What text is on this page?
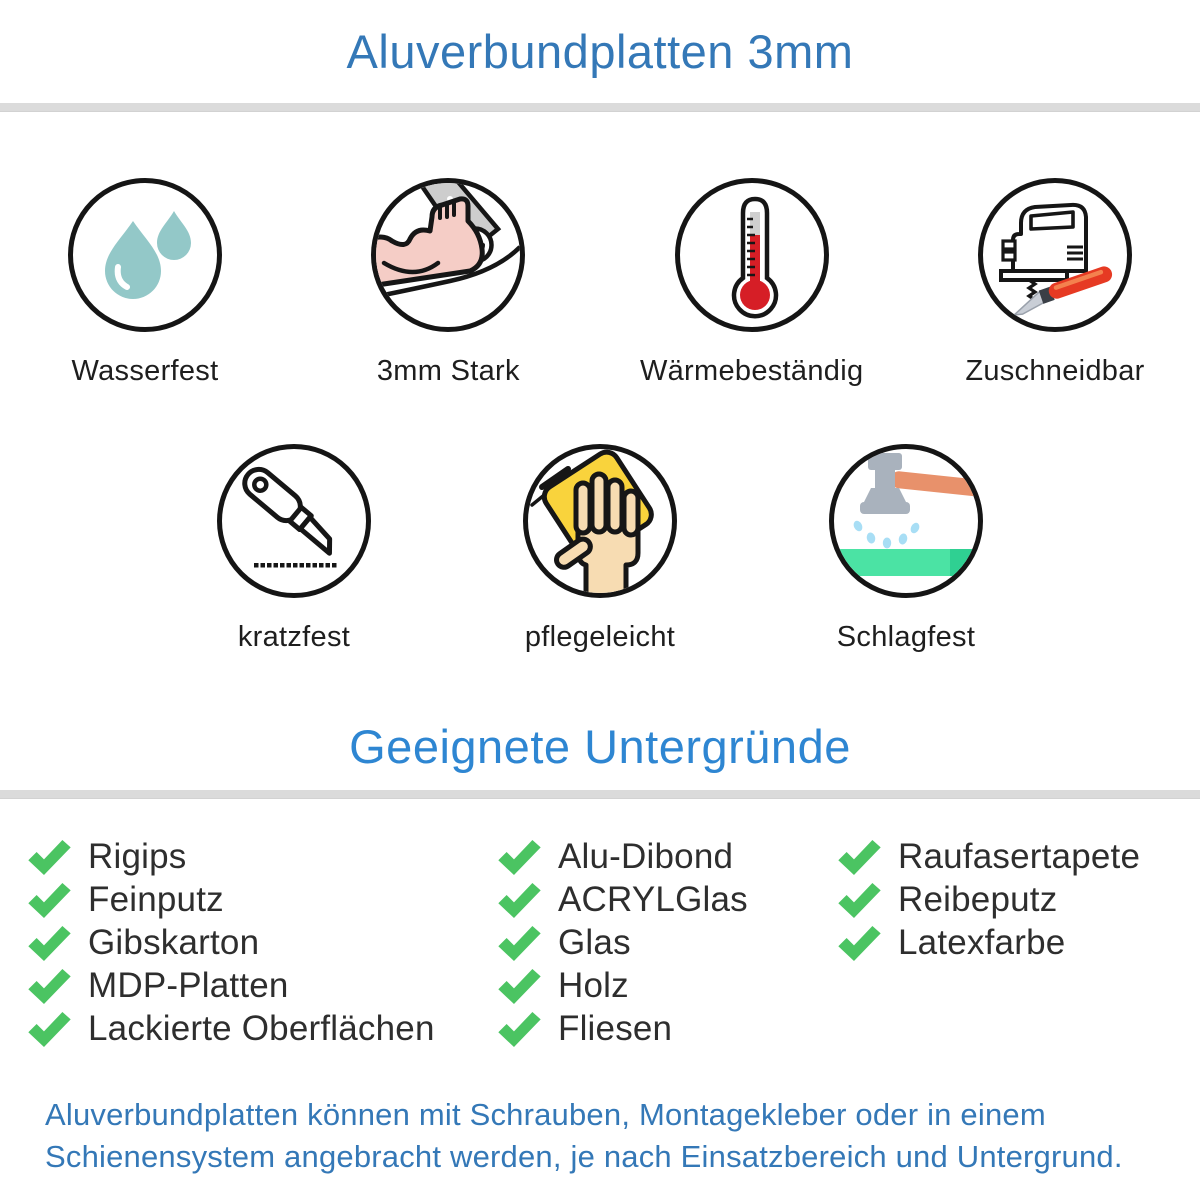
Aluverbundplatten 3mm
Wasserfest	3mm Stark	Wärmebeständig	Zuschneidbar
kratzfest	pflegeleicht	Schlagfest
Geeignete Untergründe
Rigips
Feinputz
Gibskarton
MDP-Platten
Lackierte Oberflächen
Alu-Dibond
ACRYLGlas
Glas
Holz
Fliesen
Raufasertapete
Reibeputz
Latexfarbe

Aluverbundplatten können mit Schrauben, Montagekleber oder in einem
Schienensystem angebracht werden, je nach Einsatzbereich und Untergrund.
